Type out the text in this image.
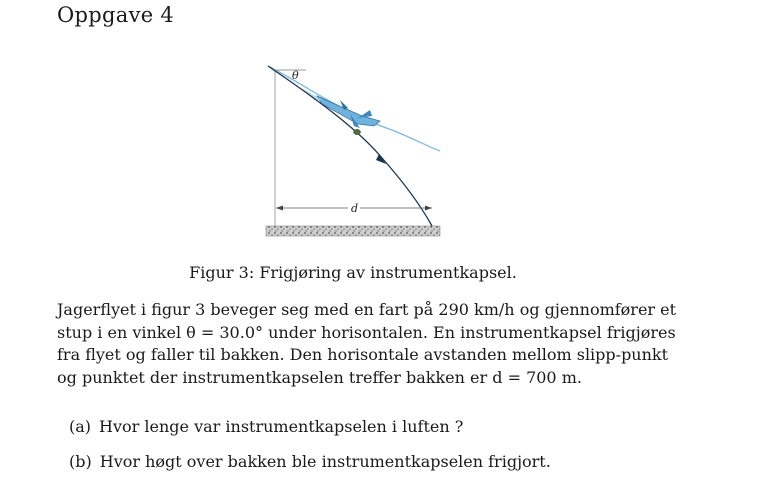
Oppgave 4
θ
d
Figur 3: Frigjøring av instrumentkapsel.

Jagerflyet i figur 3 beveger seg med en fart på 290 km/h og gjennomfører et
stup i en vinkel θ = 30.0° under horisontalen. En instrumentkapsel frigjøres
fra flyet og faller til bakken. Den horisontale avstanden mellom slipp-punkt
og punktet der instrumentkapselen treffer bakken er d = 700 m.

(a) Hvor lenge var instrumentkapselen i luften ?
(b) Hvor høgt over bakken ble instrumentkapselen frigjort.
